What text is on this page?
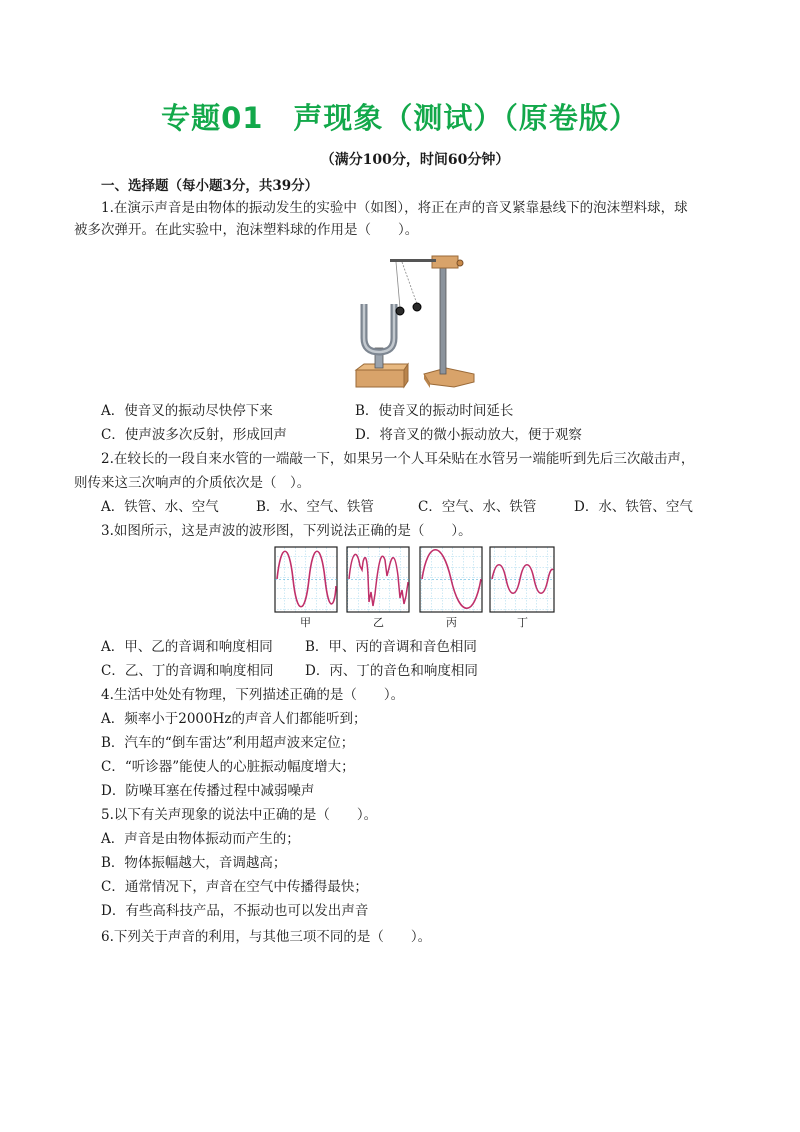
专题01　声现象（测试）（原卷版）
（满分100分，时间60分钟）
一、选择题（每小题3分，共39分）
1.在演示声音是由物体的振动发生的实验中（如图），将正在声的音叉紧靠悬线下的泡沫塑料球，球
被多次弹开。在此实验中，泡沫塑料球的作用是（　　）。
A．使音叉的振动尽快停下来	B．使音叉的振动时间延长
C．使声波多次反射，形成回声	D．将音叉的微小振动放大，便于观察
2.在较长的一段自来水管的一端敲一下，如果另一个人耳朵贴在水管另一端能听到先后三次敲击声，
则传来这三次响声的介质依次是（　）。
A．铁管、水、空气	B．水、空气、铁管	C．空气、水、铁管	D．水、铁管、空气
3.如图所示，这是声波的波形图，下列说法正确的是（　　）。
甲	乙	丙	丁
A．甲、乙的音调和响度相同 B．甲、丙的音调和音色相同
C．乙、丁的音调和响度相同 D．丙、丁的音色和响度相同
4.生活中处处有物理，下列描述正确的是（　　）。
A．频率小于2000Hz的声音人们都能听到；
B．汽车的“倒车雷达”利用超声波来定位；
C．“听诊器”能使人的心脏振动幅度增大；
D．防噪耳塞在传播过程中减弱噪声
5.以下有关声现象的说法中正确的是（　　）。
A．声音是由物体振动而产生的；
B．物体振幅越大，音调越高；
C．通常情况下，声音在空气中传播得最快；
D．有些高科技产品，不振动也可以发出声音
6.下列关于声音的利用，与其他三项不同的是（　　）。
